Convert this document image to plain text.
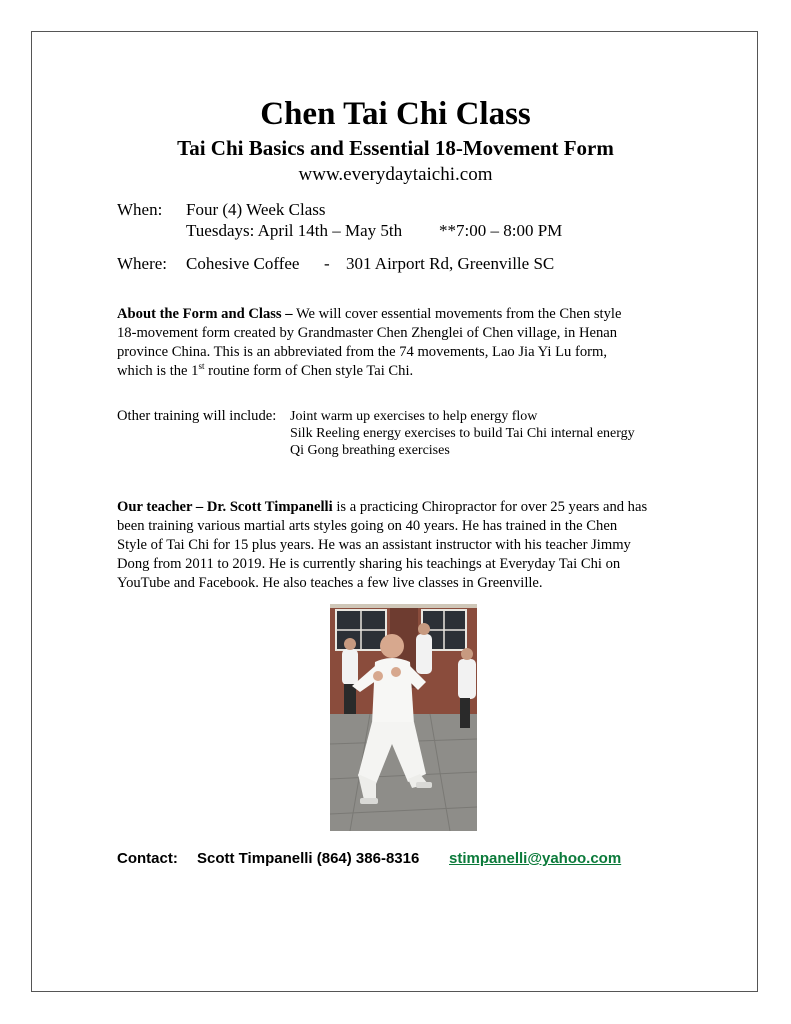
Chen Tai Chi Class
Tai Chi Basics and Essential 18-Movement Form
www.everydaytaichi.com
When: Four (4) Week Class
Tuesdays: April 14th – May 5th **7:00 – 8:00 PM
Where: Cohesive Coffee - 301 Airport Rd, Greenville SC
About the Form and Class – We will cover essential movements from the Chen style
18-movement form created by Grandmaster Chen Zhenglei of Chen village, in Henan
province China. This is an abbreviated from the 74 movements, Lao Jia Yi Lu form,
which is the 1st routine form of Chen style Tai Chi.
Other training will include: Joint warm up exercises to help energy flow
Silk Reeling energy exercises to build Tai Chi internal energy
Qi Gong breathing exercises
Our teacher – Dr. Scott Timpanelli is a practicing Chiropractor for over 25 years and has
been training various martial arts styles going on 40 years. He has trained in the Chen
Style of Tai Chi for 15 plus years. He was an assistant instructor with his teacher Jimmy
Dong from 2011 to 2019. He is currently sharing his teachings at Everyday Tai Chi on
YouTube and Facebook. He also teaches a few live classes in Greenville.
Contact: Scott Timpanelli (864) 386-8316 stimpanelli@yahoo.com
